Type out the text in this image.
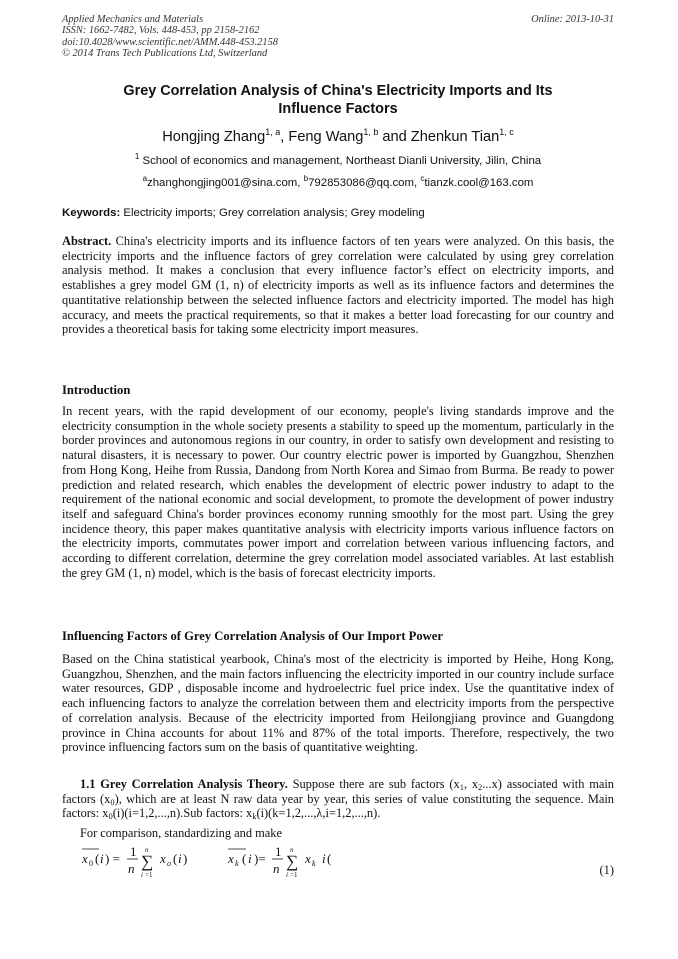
Applied Mechanics and Materials
ISSN: 1662-7482, Vols. 448-453, pp 2158-2162
doi:10.4028/www.scientific.net/AMM.448-453.2158
© 2014 Trans Tech Publications Ltd, Switzerland
Online: 2013-10-31
Grey Correlation Analysis of China's Electricity Imports and Its
Influence Factors
Hongjing Zhang$^{1, a}$, Feng Wang$^{1, b}$ and Zhenkun Tian$^{1, c}$
$^1$ School of economics and management, Northeast Dianli University, Jilin, China
$^a$zhanghongjing001@sina.com, $^b$792853086@qq.com, $^c$tianzk.cool@163.com
Keywords: Electricity imports; Grey correlation analysis; Grey modeling
Abstract. China's electricity imports and its influence factors of ten years were analyzed. On this basis, the electricity imports and the influence factors of grey correlation were calculated by using grey correlation analysis method. It makes a conclusion that every influence factor’s effect on electricity imports, and establishes a grey model GM (1, n) of electricity imports as well as its influence factors and determines the quantitative relationship between the selected influence factors and electricity imported. The model has high accuracy, and meets the practical requirements, so that it makes a better load forecasting for our country and provides a theoretical basis for taking some electricity import measures.
Introduction
In recent years, with the rapid development of our economy, people's living standards improve and the electricity consumption in the whole society presents a stability to speed up the momentum, particularly in the border provinces and autonomous regions in our country, in order to satisfy own development and resisting to natural disasters, it is necessary to power. Our country electric power is imported by Guangzhou, Shenzhen from Hong Kong, Heihe from Russia, Dandong from North Korea and Simao from Burma. Be ready to power prediction and related research, which enables the development of electric power industry to adapt to the requirement of the national economic and social development, to promote the development of power industry itself and safeguard China's border provinces economy running smoothly for the most part. Using the grey incidence theory, this paper makes quantitative analysis with electricity imports various influence factors on the electricity imports, commutates power import and correlation between various influencing factors, and according to different correlation, determine the grey correlation model associated variables. At last establish the grey GM (1, n) model, which is the basis of forecast electricity imports.
Influencing Factors of Grey Correlation Analysis of Our Import Power
Based on the China statistical yearbook, China's most of the electricity is imported by Heihe, Hong Kong, Guangzhou, Shenzhen, and the main factors influencing the electricity imported in our country include surface water resources, GDP , disposable income and hydroelectric fuel price index. Use the quantitative index of each influencing factors to analyze the correlation between them and electricity imports from the perspective of correlation analysis. Because of the electricity imported from Heilongjiang province and Guangdong province in China accounts for about 11% and 87% of the total imports. Therefore, respectively, the two province influencing factors sum on the basis of quantitative weighting.
1.1 Grey Correlation Analysis Theory. Suppose there are sub factors ($x_1$, $x_2...x$) associated with main factors $(x_0)$, which are at least N raw data year by year, this series of value constituting the sequence. Main factors: $x_0(i)(i=1,2,...,n).Sub$ factors: $x_k(i)(k=1,2,...,\lambda,i=1,2,...,n)$.
For comparison, standardizing and make
x 0 ( i ) = 1
n
n
∑
i =1
x o ( i )	x k ( i )= 1
n
n
∑
i =1
x k i (
(1)
